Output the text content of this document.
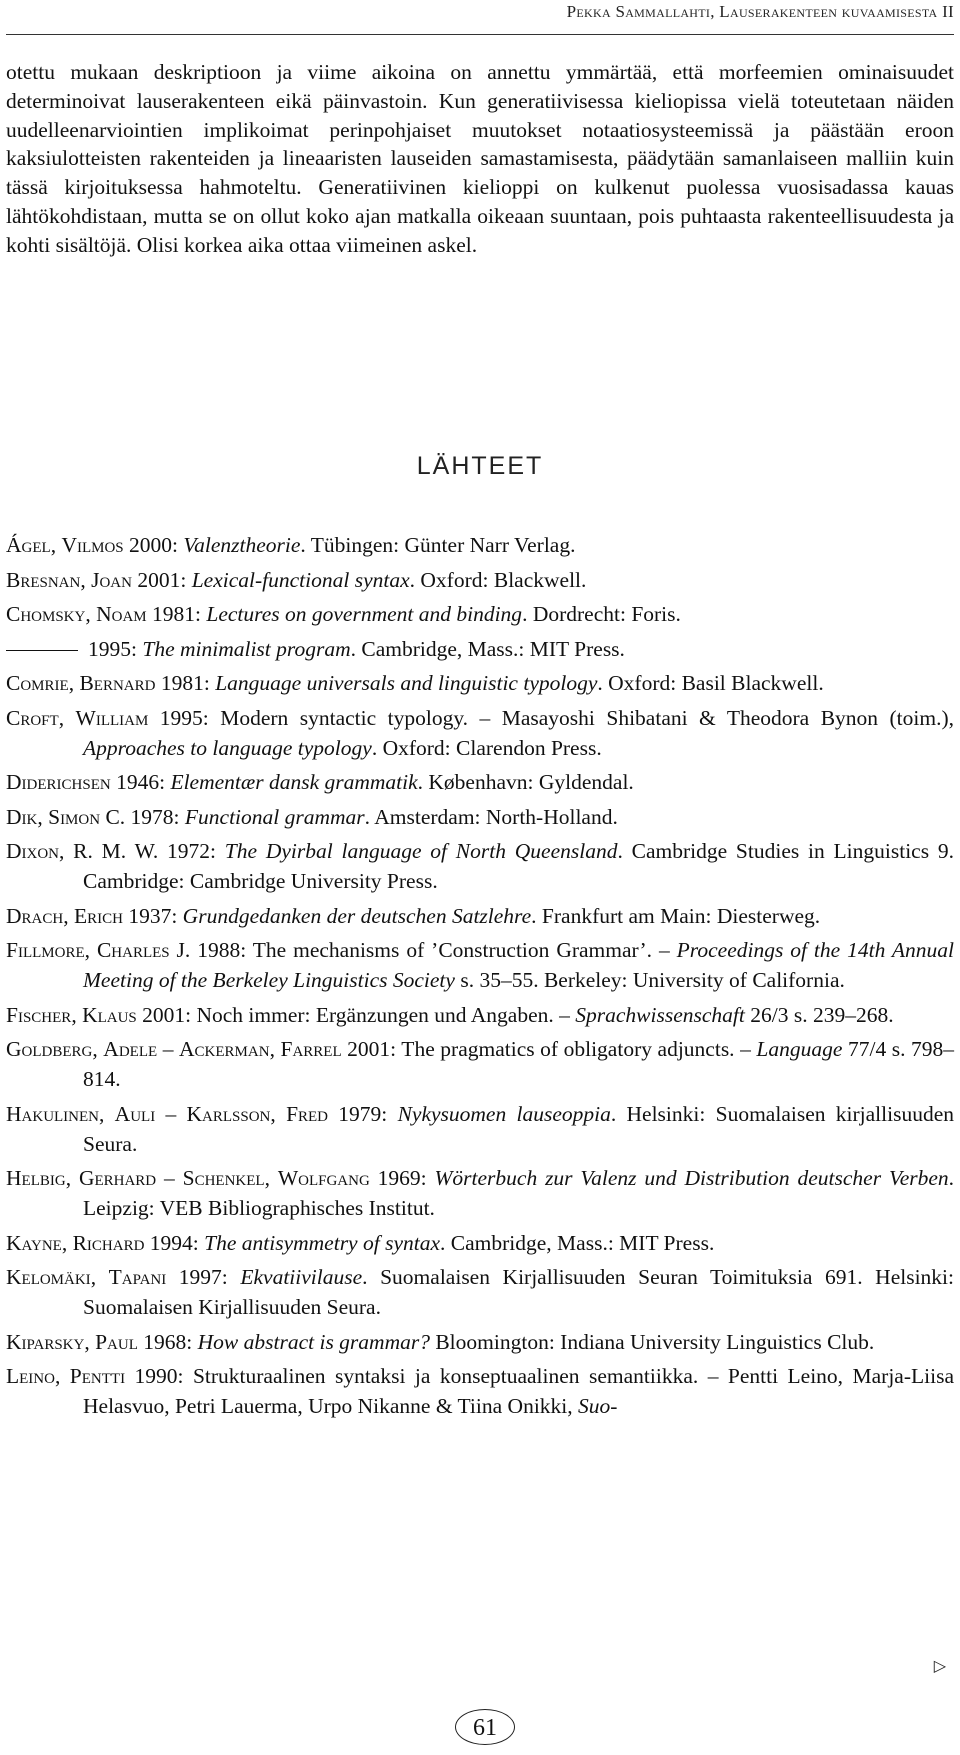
Pekka Sammallahti, Lauserakenteen kuvaamisesta II

otettu mukaan deskriptioon ja viime aikoina on annettu ymmärtää, että morfeemien ominaisuudet determinoivat lauserakenteen eikä päinvastoin. Kun generatiivisessa kieliopissa vielä toteutetaan näiden uudelleenarviointien implikoimat perinpohjaiset muutokset notaatiosysteemissä ja päästään eroon kaksiulotteisten rakenteiden ja lineaaristen lauseiden samastamisesta, päädytään samanlaiseen malliin kuin tässä kirjoituksessa hahmoteltu. Generatiivinen kielioppi on kulkenut puolessa vuosisadassa kauas lähtökohdistaan, mutta se on ollut koko ajan matkalla oikeaan suuntaan, pois puhtaasta rakenteellisuudesta ja kohti sisältöjä. Olisi korkea aika ottaa viimeinen askel.

LÄHTEET
Ágel, Vilmos 2000: Valenztheorie. Tübingen: Günter Narr Verlag.
Bresnan, Joan 2001: Lexical-functional syntax. Oxford: Blackwell.
Chomsky, Noam 1981: Lectures on government and binding. Dordrecht: Foris.
1995: The minimalist program. Cambridge, Mass.: MIT Press.
Comrie, Bernard 1981: Language universals and linguistic typology. Oxford: Basil Blackwell.
Croft, William 1995: Modern syntactic typology. – Masayoshi Shibatani & Theodora Bynon (toim.), Approaches to language typology. Oxford: Clarendon Press.
Diderichsen 1946: Elementær dansk grammatik. København: Gyldendal.
Dik, Simon C. 1978: Functional grammar. Amsterdam: North-Holland.
Dixon, R. M. W. 1972: The Dyirbal language of North Queensland. Cambridge Studies in Linguistics 9. Cambridge: Cambridge University Press.
Drach, Erich 1937: Grundgedanken der deutschen Satzlehre. Frankfurt am Main: Diesterweg.
Fillmore, Charles J. 1988: The mechanisms of ’Construction Grammar’. – Proceedings of the 14th Annual Meeting of the Berkeley Linguistics Society s. 35–55. Berkeley: University of California.
Fischer, Klaus 2001: Noch immer: Ergänzungen und Angaben. – Sprachwissenschaft 26/3 s. 239–268.
Goldberg, Adele – Ackerman, Farrel 2001: The pragmatics of obligatory adjuncts. – Language 77/4 s. 798–814.
Hakulinen, Auli – Karlsson, Fred 1979: Nykysuomen lauseoppia. Helsinki: Suomalaisen kirjallisuuden Seura.
Helbig, Gerhard – Schenkel, Wolfgang 1969: Wörterbuch zur Valenz und Distribution deutscher Verben. Leipzig: VEB Bibliographisches Institut.
Kayne, Richard 1994: The antisymmetry of syntax. Cambridge, Mass.: MIT Press.
Kelomäki, Tapani 1997: Ekvatiivilause. Suomalaisen Kirjallisuuden Seuran Toimituksia 691. Helsinki: Suomalaisen Kirjallisuuden Seura.
Kiparsky, Paul 1968: How abstract is grammar? Bloomington: Indiana University Linguistics Club.
Leino, Pentti 1990: Strukturaalinen syntaksi ja konseptuaalinen semantiikka. – Pentti Leino, Marja-Liisa Helasvuo, Petri Lauerma, Urpo Nikanne & Tiina Onikki, Suo-
▷
61
